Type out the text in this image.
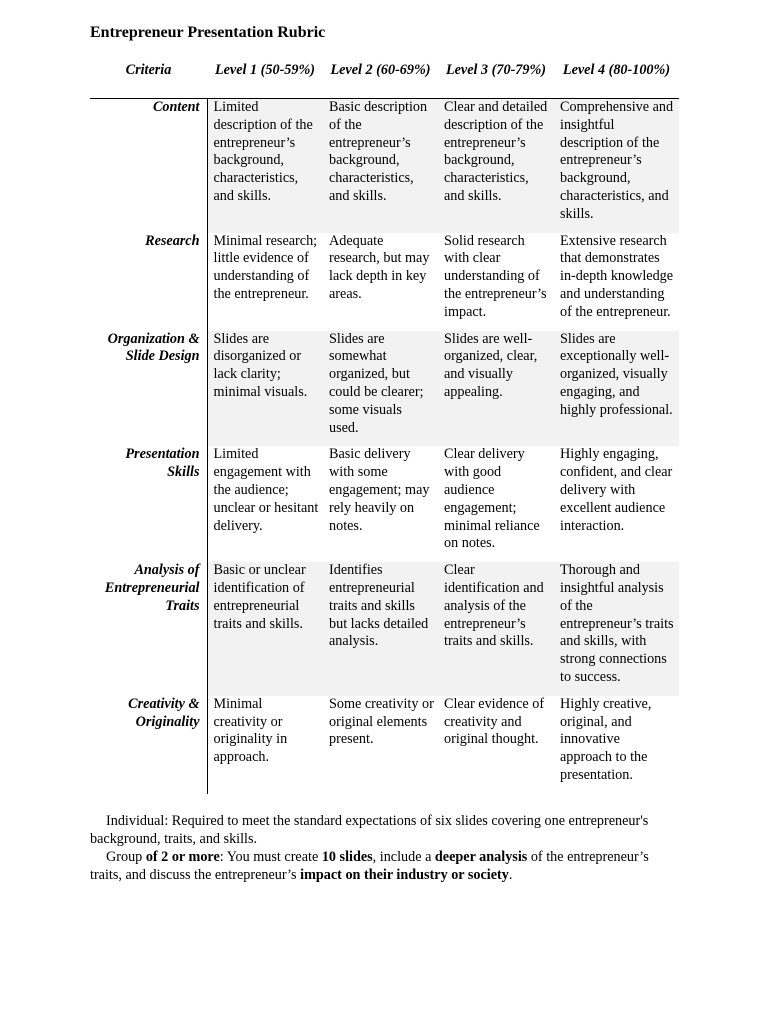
Entrepreneur Presentation Rubric
Criteria	Level 1 (50-59%)	Level 2 (60-69%)	Level 3 (70-79%)	Level 4 (80-100%)
Content	Limited description of the entrepreneur’s background, characteristics, and skills.	Basic description of the entrepreneur’s background, characteristics, and skills.	Clear and detailed description of the entrepreneur’s background, characteristics, and skills.	Comprehensive and insightful description of the entrepreneur’s background, characteristics, and skills.
Research	Minimal research; little evidence of understanding of the entrepreneur.	Adequate research, but may lack depth in key areas.	Solid research with clear understanding of the entrepreneur’s impact.	Extensive research that demonstrates in-depth knowledge and understanding of the entrepreneur.
Organization & Slide Design	Slides are disorganized or lack clarity; minimal visuals.	Slides are somewhat organized, but could be clearer; some visuals used.	Slides are well-organized, clear, and visually appealing.	Slides are exceptionally well-organized, visually engaging, and highly professional.
Presentation Skills	Limited engagement with the audience; unclear or hesitant delivery.	Basic delivery with some engagement; may rely heavily on notes.	Clear delivery with good audience engagement; minimal reliance on notes.	Highly engaging, confident, and clear delivery with excellent audience interaction.
Analysis of Entrepreneurial Traits	Basic or unclear identification of entrepreneurial traits and skills.	Identifies entrepreneurial traits and skills but lacks detailed analysis.	Clear identification and analysis of the entrepreneur’s traits and skills.	Thorough and insightful analysis of the entrepreneur’s traits and skills, with strong connections to success.
Creativity & Originality	Minimal creativity or originality in approach.	Some creativity or original elements present.	Clear evidence of creativity and original thought.	Highly creative, original, and innovative approach to the presentation.

Individual: Required to meet the standard expectations of six slides covering one entrepreneur's background, traits, and skills.

Group of 2 or more: You must create 10 slides, include a deeper analysis of the entrepreneur’s traits, and discuss the entrepreneur’s impact on their industry or society.
